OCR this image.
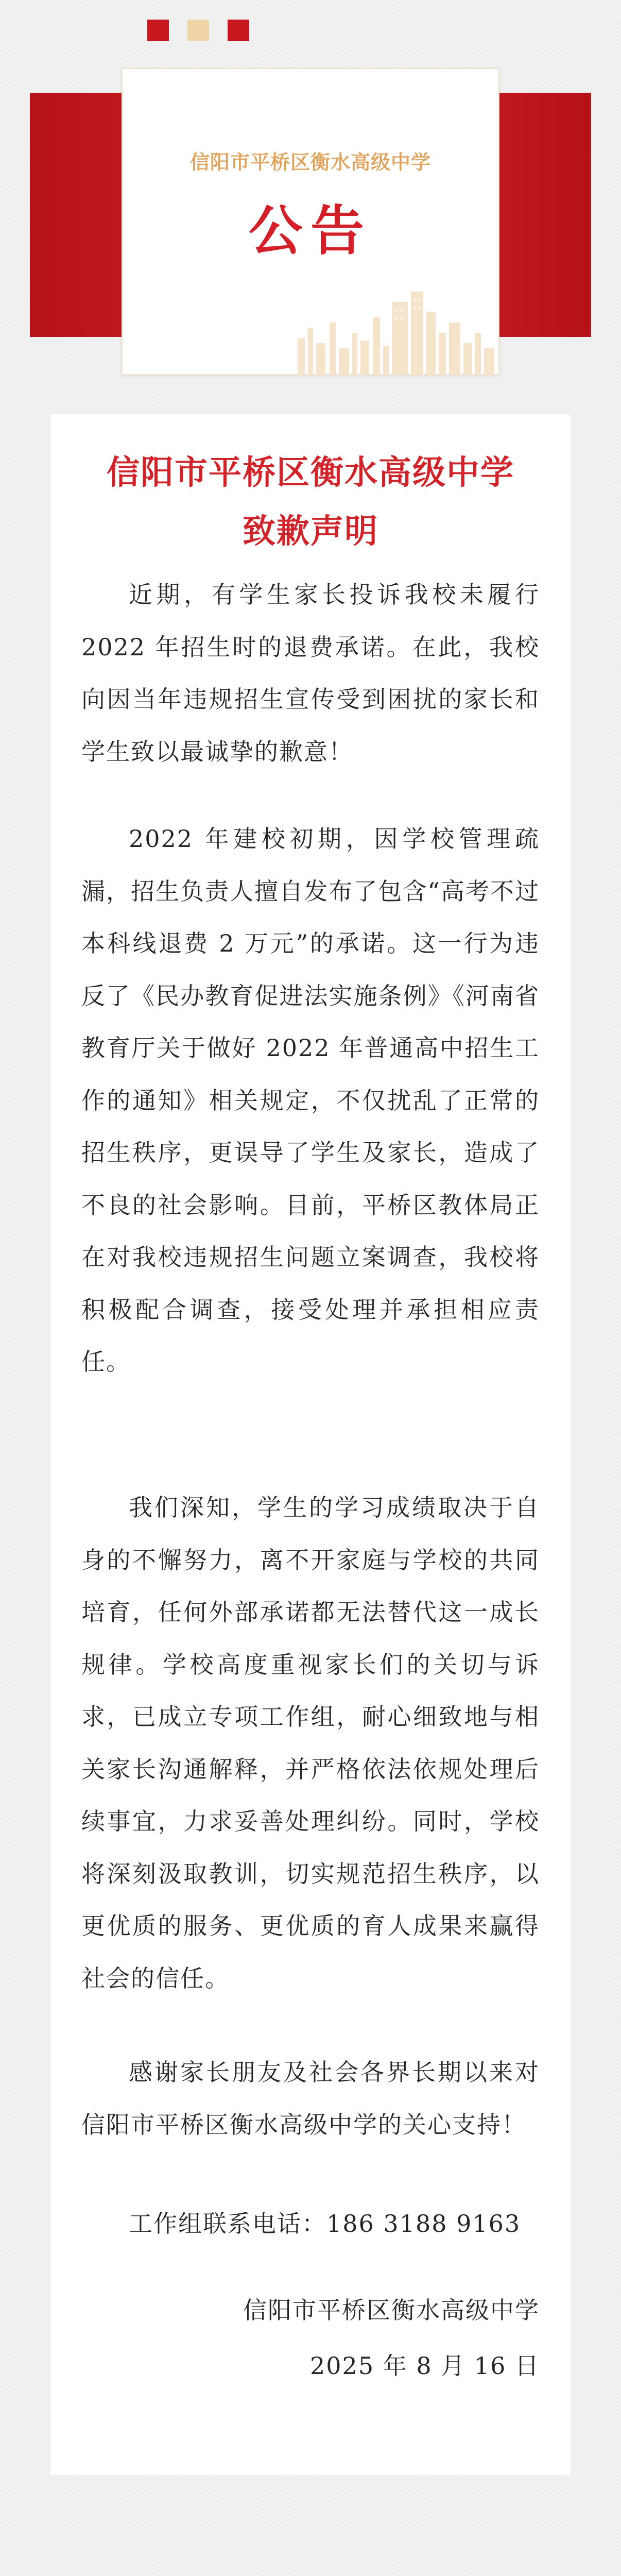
信阳市平桥区衡水高级中学
公告
信阳市平桥区衡水高级中学
致歉声明

近期，有学生家长投诉我校未履行 2022 年招生时的退费承诺。在此，我校向因当年违规招生宣传受到困扰的家长和学生致以最诚挚的歉意！

2022 年建校初期，因学校管理疏漏，招生负责人擅自发布了包含“高考不过本科线退费 2 万元”的承诺。这一行为违反了《民办教育促进法实施条例》《河南省教育厅关于做好 2022 年普通高中招生工作的通知》相关规定，不仅扰乱了正常的招生秩序，更误导了学生及家长，造成了不良的社会影响。目前，平桥区教体局正在对我校违规招生问题立案调查，我校将积极配合调查，接受处理并承担相应责任。

我们深知，学生的学习成绩取决于自身的不懈努力，离不开家庭与学校的共同培育，任何外部承诺都无法替代这一成长规律。学校高度重视家长们的关切与诉求，已成立专项工作组，耐心细致地与相关家长沟通解释，并严格依法依规处理后续事宜，力求妥善处理纠纷。同时，学校将深刻汲取教训，切实规范招生秩序，以更优质的服务、更优质的育人成果来赢得社会的信任。

感谢家长朋友及社会各界长期以来对信阳市平桥区衡水高级中学的关心支持！

工作组联系电话：186 3188 9163
信阳市平桥区衡水高级中学
2025 年 8 月 16 日
